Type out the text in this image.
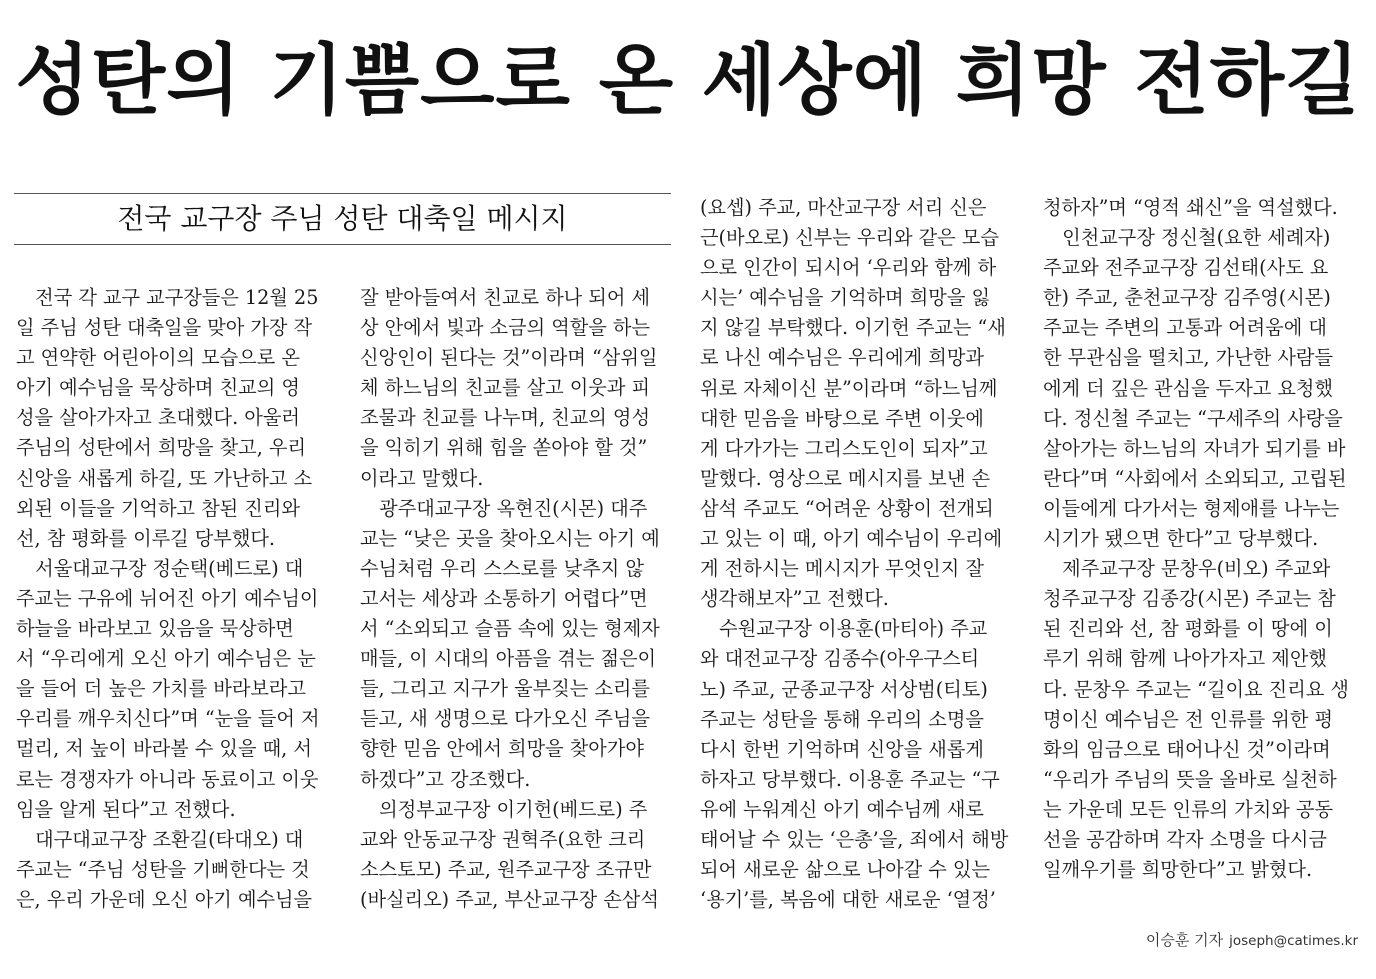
성탄의 기쁨으로 온 세상에 희망 전하길
전국 교구장 주님 성탄 대축일 메시지

　전국 각 교구 교구장들은 12월 25

일 주님 성탄 대축일을 맞아 가장 작

고 연약한 어린아이의 모습으로 온

아기 예수님을 묵상하며 친교의 영

성을 살아가자고 초대했다. 아울러

주님의 성탄에서 희망을 찾고, 우리

신앙을 새롭게 하길, 또 가난하고 소

외된 이들을 기억하고 참된 진리와

선, 참 평화를 이루길 당부했다.

　서울대교구장 정순택(베드로) 대

주교는 구유에 뉘어진 아기 예수님이

하늘을 바라보고 있음을 묵상하면

서 “우리에게 오신 아기 예수님은 눈

을 들어 더 높은 가치를 바라보라고

우리를 깨우치신다”며 “눈을 들어 저

멀리, 저 높이 바라볼 수 있을 때, 서

로는 경쟁자가 아니라 동료이고 이웃

임을 알게 된다”고 전했다.

　대구대교구장 조환길(타대오) 대

주교는 “주님 성탄을 기뻐한다는 것

은, 우리 가운데 오신 아기 예수님을

잘 받아들여서 친교로 하나 되어 세

상 안에서 빛과 소금의 역할을 하는

신앙인이 된다는 것”이라며 “삼위일

체 하느님의 친교를 살고 이웃과 피

조물과 친교를 나누며, 친교의 영성

을 익히기 위해 힘을 쏟아야 할 것”

이라고 말했다.

　광주대교구장 옥현진(시몬) 대주

교는 “낮은 곳을 찾아오시는 아기 예

수님처럼 우리 스스로를 낮추지 않

고서는 세상과 소통하기 어렵다”면

서 “소외되고 슬픔 속에 있는 형제자

매들, 이 시대의 아픔을 겪는 젊은이

들, 그리고 지구가 울부짖는 소리를

듣고, 새 생명으로 다가오신 주님을

향한 믿음 안에서 희망을 찾아가야

하겠다”고 강조했다.

　의정부교구장 이기헌(베드로) 주

교와 안동교구장 권혁주(요한 크리

소스토모) 주교, 원주교구장 조규만

(바실리오) 주교, 부산교구장 손삼석

(요셉) 주교, 마산교구장 서리 신은

근(바오로) 신부는 우리와 같은 모습

으로 인간이 되시어 ‘우리와 함께 하

시는’ 예수님을 기억하며 희망을 잃

지 않길 부탁했다. 이기헌 주교는 “새

로 나신 예수님은 우리에게 희망과

위로 자체이신 분”이라며 “하느님께

대한 믿음을 바탕으로 주변 이웃에

게 다가가는 그리스도인이 되자”고

말했다. 영상으로 메시지를 보낸 손

삼석 주교도 “어려운 상황이 전개되

고 있는 이 때, 아기 예수님이 우리에

게 전하시는 메시지가 무엇인지 잘

생각해보자”고 전했다.

　수원교구장 이용훈(마티아) 주교

와 대전교구장 김종수(아우구스티

노) 주교, 군종교구장 서상범(티토)

주교는 성탄을 통해 우리의 소명을

다시 한번 기억하며 신앙을 새롭게

하자고 당부했다. 이용훈 주교는 “구

유에 누워계신 아기 예수님께 새로

태어날 수 있는 ‘은총’을, 죄에서 해방

되어 새로운 삶으로 나아갈 수 있는

‘용기’를, 복음에 대한 새로운 ‘열정’

청하자”며 “영적 쇄신”을 역설했다.

　인천교구장 정신철(요한 세례자)

주교와 전주교구장 김선태(사도 요

한) 주교, 춘천교구장 김주영(시몬)

주교는 주변의 고통과 어려움에 대

한 무관심을 떨치고, 가난한 사람들

에게 더 깊은 관심을 두자고 요청했

다. 정신철 주교는 “구세주의 사랑을

살아가는 하느님의 자녀가 되기를 바

란다”며 “사회에서 소외되고, 고립된

이들에게 다가서는 형제애를 나누는

시기가 됐으면 한다”고 당부했다.

　제주교구장 문창우(비오) 주교와

청주교구장 김종강(시몬) 주교는 참

된 진리와 선, 참 평화를 이 땅에 이

루기 위해 함께 나아가자고 제안했

다. 문창우 주교는 “길이요 진리요 생

명이신 예수님은 전 인류를 위한 평

화의 임금으로 태어나신 것”이라며

“우리가 주님의 뜻을 올바로 실천하

는 가운데 모든 인류의 가치와 공동

선을 공감하며 각자 소명을 다시금

일깨우기를 희망한다”고 밝혔다.

이승훈 기자 joseph@catimes.kr
